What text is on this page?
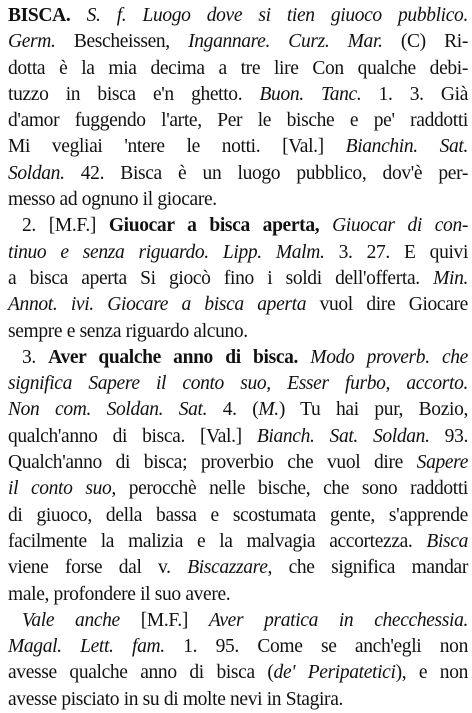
BISCA. S. f. Luogo dove si tien giuoco pubblico.
Germ. Bescheissen, Ingannare. Curz. Mar. (C) Ri-
dotta è la mia decima a tre lire Con qualche debi-
tuzzo in bisca e'n ghetto. Buon. Tanc. 1. 3. Già
d'amor fuggendo l'arte, Per le bische e pe' raddotti
Mi vegliai 'ntere le notti. [Val.] Bianchin. Sat.
Soldan. 42. Bisca è un luogo pubblico, dov'è per-
messo ad ognuno il giocare.
2. [M.F.] Giuocar a bisca aperta, Giuocar di con-
tinuo e senza riguardo. Lipp. Malm. 3. 27. E quivi
a bisca aperta Si giocò fino i soldi dell'offerta. Min.
Annot. ivi. Giocare a bisca aperta vuol dire Giocare
sempre e senza riguardo alcuno.
3. Aver qualche anno di bisca. Modo proverb. che
significa Sapere il conto suo, Esser furbo, accorto.
Non com. Soldan. Sat. 4. (M.) Tu hai pur, Bozio,
qualch'anno di bisca. [Val.] Bianch. Sat. Soldan. 93.
Qualch'anno di bisca; proverbio che vuol dire Sapere
il conto suo, perocchè nelle bische, che sono raddotti
di giuoco, della bassa e scostumata gente, s'apprende
facilmente la malizia e la malvagia accortezza. Bisca
viene forse dal v. Biscazzare, che significa mandar
male, profondere il suo avere.
Vale anche [M.F.] Aver pratica in checchessia.
Magal. Lett. fam. 1. 95. Come se anch'egli non
avesse qualche anno di bisca (de' Peripatetici), e non
avesse pisciato in su di molte nevi in Stagira.
